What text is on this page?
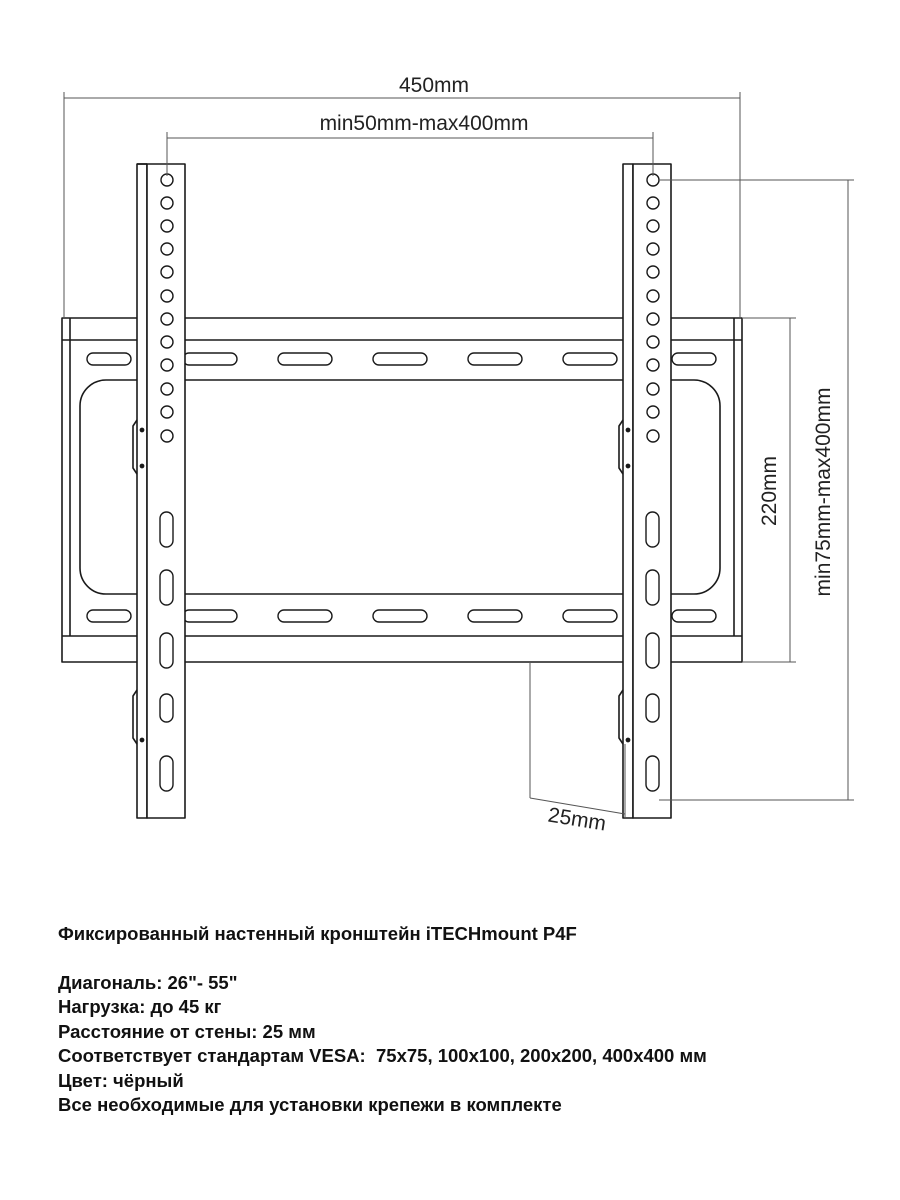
450mm
min50mm-max400mm
220mm min75mm-max400mm
25mm
Фиксированный настенный кронштейн iTECHmount P4F
Диагональ: 26"- 55"
Нагрузка: до 45 кг
Расстояние от стены: 25 мм
Соответствует стандартам VESA:  75х75, 100х100, 200х200, 400х400 мм
Цвет: чёрный
Все необходимые для установки крепежи в комплекте
